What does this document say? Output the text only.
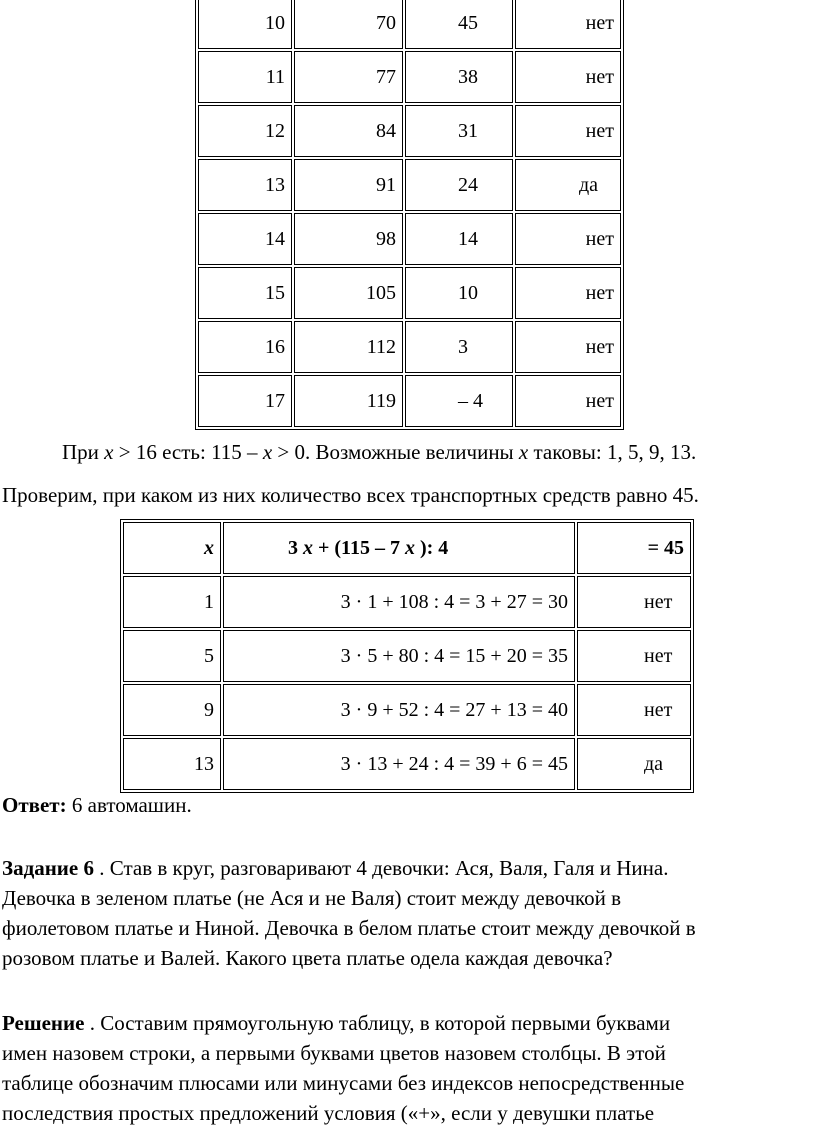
10	70	45	нет
11	77	38	нет
12	84	31	нет
13	91	24	да
14	98	14	нет
15	105	10	нет
16	112	3	нет
17	119	– 4	нет
При x > 16 есть: 115 – x > 0. Возможные величины x таковы: 1, 5, 9, 13.
Проверим, при каком из них количество всех транспортных средств равно 45.
x	3 x + (115 – 7 x ): 4	= 45
1	3 · 1 + 108 : 4 = 3 + 27 = 30	нет
5	3 · 5 + 80 : 4 = 15 + 20 = 35	нет
9	3 · 9 + 52 : 4 = 27 + 13 = 40	нет
13	3 · 13 + 24 : 4 = 39 + 6 = 45	да
Ответ: 6 автомашин.
Задание 6 . Став в круг, разговаривают 4 девочки: Ася, Валя, Галя и Нина.
Девочка в зеленом платье (не Ася и не Валя) стоит между девочкой в
фиолетовом платье и Ниной. Девочка в белом платье стоит между девочкой в
розовом платье и Валей. Какого цвета платье одела каждая девочка?
Решение . Составим прямоугольную таблицу, в которой первыми буквами
имен назовем строки, а первыми буквами цветов назовем столбцы. В этой
таблице обозначим плюсами или минусами без индексов непосредственные
последствия простых предложений условия («+», если у девушки платье
